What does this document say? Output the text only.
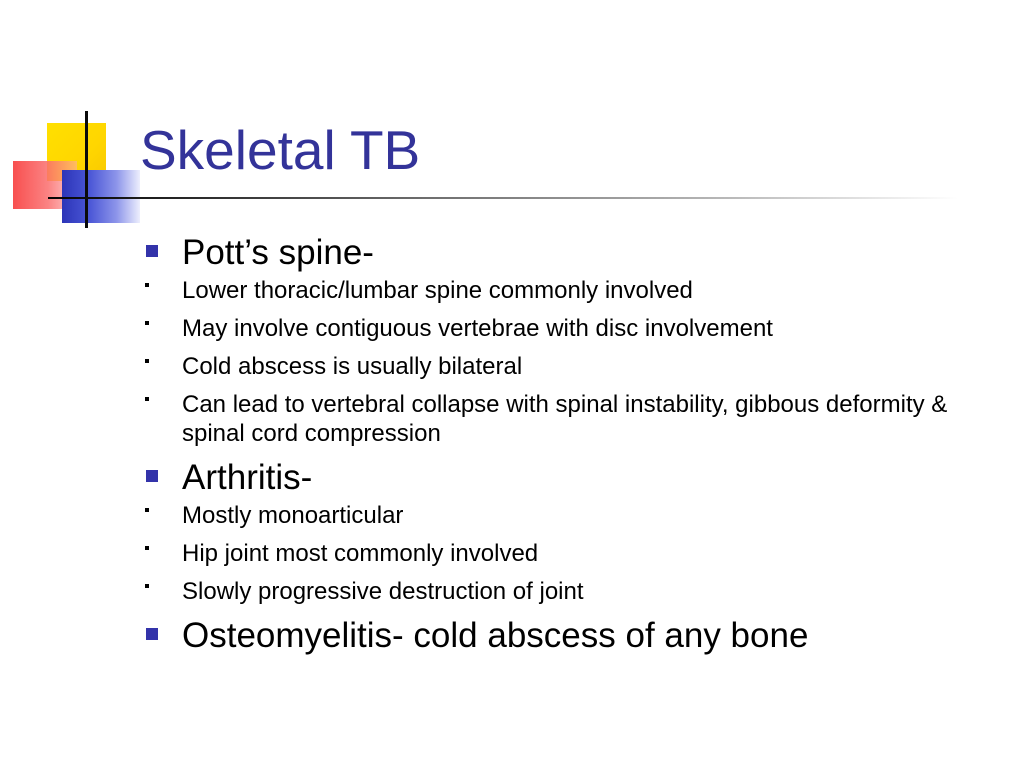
Skeletal TB
Pott’s spine-
Lower thoracic/lumbar spine commonly involved
May involve contiguous vertebrae with disc involvement
Cold abscess is usually bilateral
Can lead to vertebral collapse with spinal instability, gibbous deformity & spinal cord compression
Arthritis-
Mostly monoarticular
Hip joint most commonly involved
Slowly progressive destruction of joint
Osteomyelitis- cold abscess of any bone
